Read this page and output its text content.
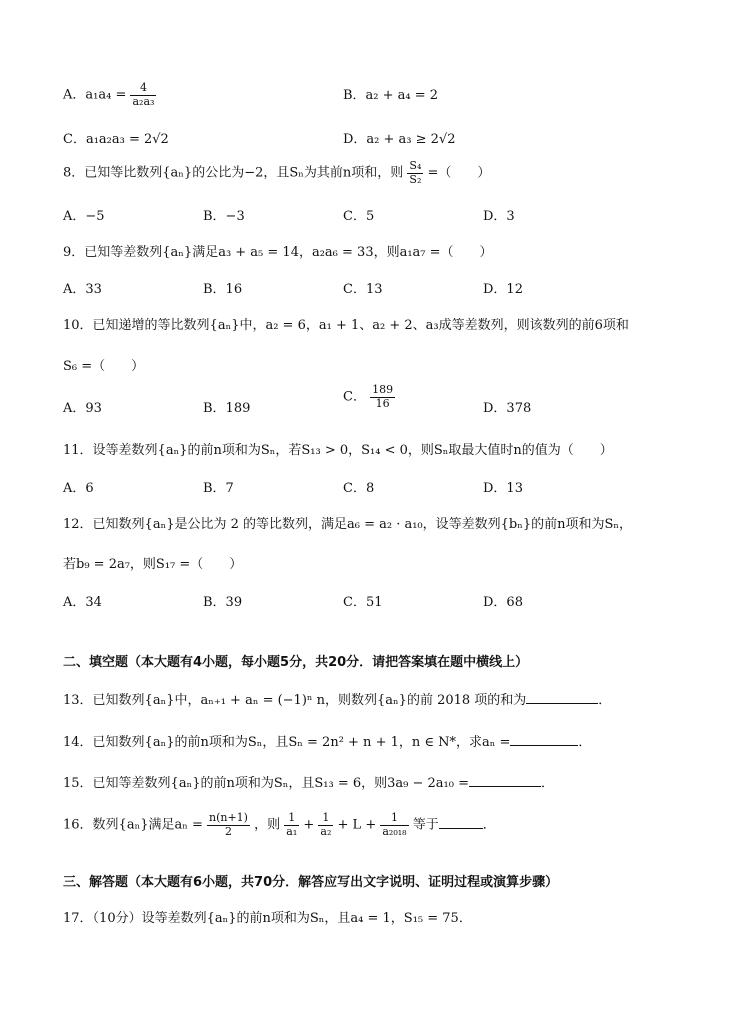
A．$a_1a_4 = \frac{4}{\text{a₂a₃}}$	B．a₂ + a₄ = 2
C．a₁a₂a₃ = 2√2	D．a₂ + a₃ ≥ 2√2
8．已知等比数列{aₙ}的公比为−2，且Sₙ为其前n项和，则 $\frac{\text{S₄}}{\text{S₂}}$ =（　　）
A．−5	B．−3	C．5	D．3
9．已知等差数列{aₙ}满足a₃ + a₅ = 14，a₂a₆ = 33，则a₁a₇ =（　　）
A．33	B．16	C．13	D．12
10．已知递增的等比数列{aₙ}中，a₂ = 6，a₁ + 1、a₂ + 2、a₃成等差数列，则该数列的前6项和
S₆ =（　　）
A．93	B．189
C． $\frac{189}{16}$	D．378
11．设等差数列{aₙ}的前n项和为Sₙ，若S₁₃ > 0，S₁₄ < 0，则Sₙ取最大值时n的值为（　　）
A．6	B．7	C．8	D．13
12．已知数列{aₙ}是公比为 2 的等比数列，满足a₆ = a₂ · a₁₀，设等差数列{bₙ}的前n项和为Sₙ，
若b₉ = 2a₇，则S₁₇ =（　　）
A．34	B．39	C．51	D．68
二、填空题（本大题有4小题，每小题5分，共20分．请把答案填在题中横线上）
13．已知数列{aₙ}中，aₙ₊₁ + aₙ = (−1)ⁿ n，则数列{aₙ}的前 2018 项的和为	．
14．已知数列{aₙ}的前n项和为Sₙ，且Sₙ = 2n² + n + 1，n ∈ N*，求aₙ =	．
15．已知等差数列{aₙ}的前n项和为Sₙ，且S₁₃ = 6，则3a₉ − 2a₁₀ =	．
16．数列{aₙ}满足$a_n = \frac{n(n+1)}{2}$ ，则 $\frac{1}{\text{a₁}} + \frac{1}{\text{a₂}} + L + \frac{1}{\text{a₂₀₁₈}}$ 等于	．
三、解答题（本大题有6小题，共70分．解答应写出文字说明、证明过程或演算步骤）
17．（10分）设等差数列{aₙ}的前n项和为Sₙ，且a₄ = 1，S₁₅ = 75．
